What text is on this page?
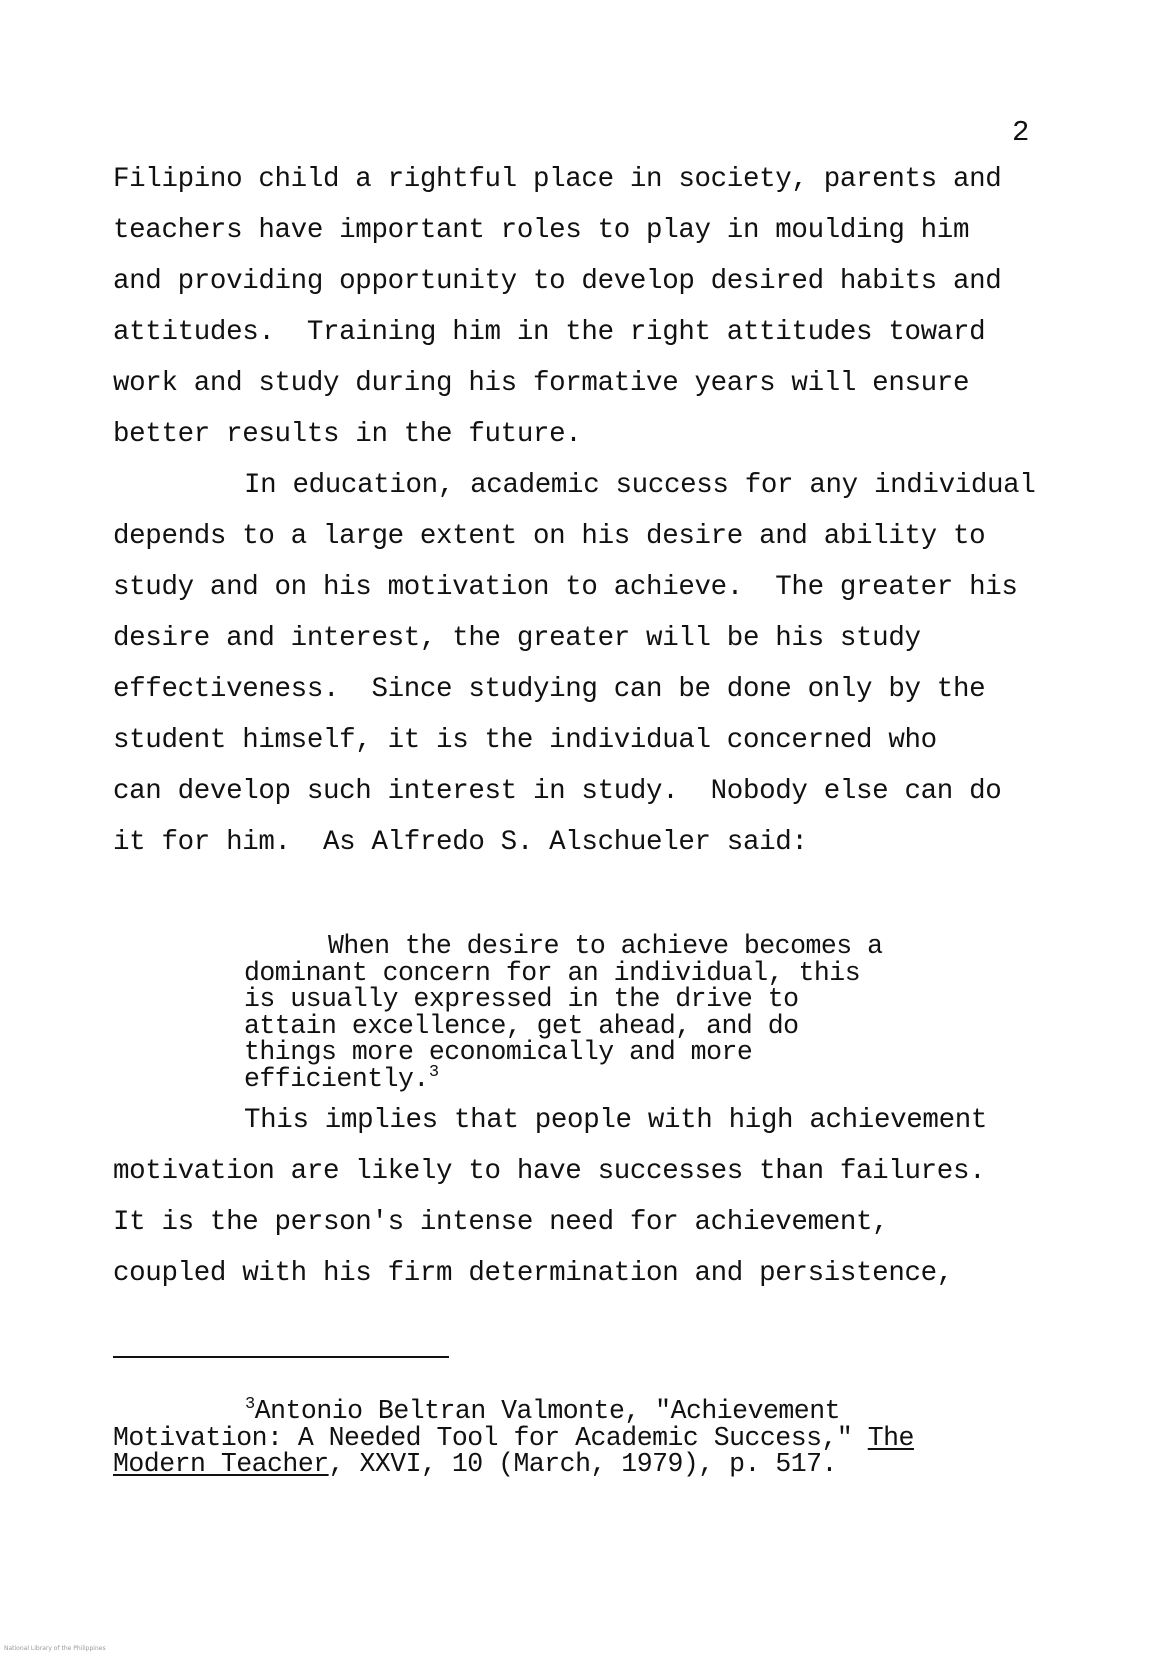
2
Filipino child a rightful place in society, parents and
teachers have important roles to play in moulding him
and providing opportunity to develop desired habits and
attitudes.  Training him in the right attitudes toward
work and study during his formative years will ensure
better results in the future.
In education, academic success for any individual
depends to a large extent on his desire and ability to
study and on his motivation to achieve.  The greater his
desire and interest, the greater will be his study
effectiveness.  Since studying can be done only by the
student himself, it is the individual concerned who
can develop such interest in study.  Nobody else can do
it for him.  As Alfredo S. Alschueler said:
When the desire to achieve becomes a
dominant concern for an individual, this
is usually expressed in the drive to
attain excellence, get ahead, and do
things more economically and more
efficiently.$^3$
This implies that people with high achievement
motivation are likely to have successes than failures.
It is the person's intense need for achievement,
coupled with his firm determination and persistence,
$^3$Antonio Beltran Valmonte, "Achievement
Motivation: A Needed Tool for Academic Success," The
Modern Teacher, XXVI, 10 (March, 1979), p. 517.
National Library of the Philippines
